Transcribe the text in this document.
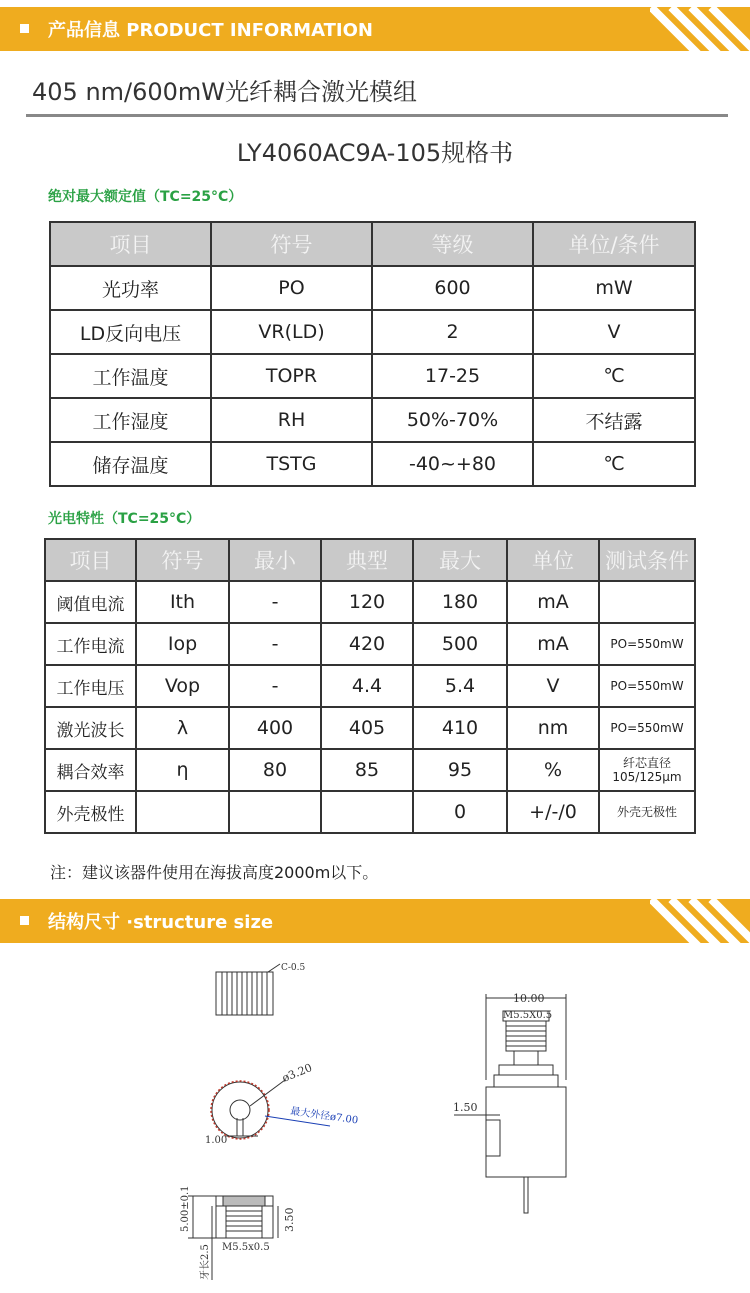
产品信息 PRODUCT INFORMATION
405 nm/600mW光纤耦合激光模组
LY4060AC9A-105规格书
绝对最大额定值（TC=25°C）
项目	符号	等级	单位/条件
光功率	PO	600	mW
LD反向电压	VR(LD)	2	V
工作温度	TOPR	17-25	℃
工作湿度	RH	50%-70%	不结露
储存温度	TSTG	-40~+80	℃
光电特性（TC=25°C）
项目	符号	最小	典型	最大	单位	测试条件
阈值电流	Ith	-	120	180	mA	
工作电流	Iop	-	420	500	mA	PO=550mW
工作电压	Vop	-	4.4	5.4	V	PO=550mW
激光波长	λ	400	405	410	nm	PO=550mW
耦合效率	η	80	85	95	%	纤芯直径 105/125μm
外壳极性				0	+/-/0	外壳无极性
注：建议该器件使用在海拔高度2000m以下。
结构尺寸 ·structure size
C-0.5
ø3.20
最大外径ø7.00
1.00
5.00±0.1	3.50
牙长2.5 M5.5x0.5
10.00
M5.5X0.5
1.50
